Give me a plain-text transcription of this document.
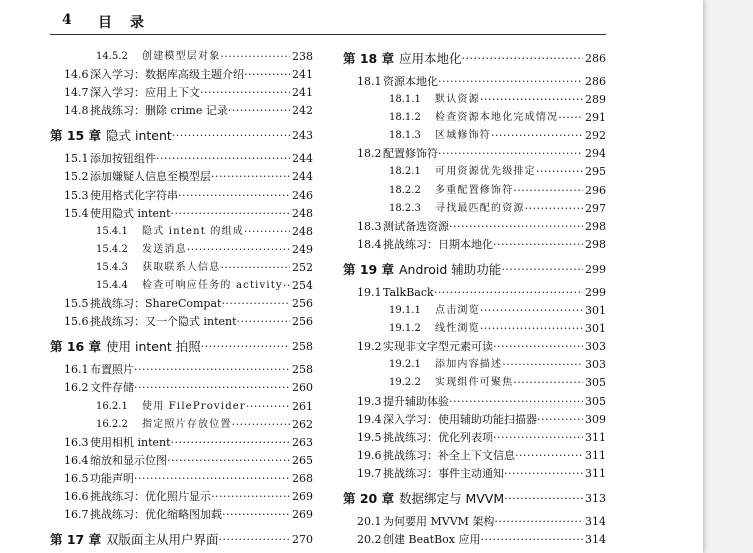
4 目录
14.5.2 创建模型层对象 ·····	238
14.6 深入学习：数据库高级主题介绍 ·····	241
14.7 深入学习：应用上下文 ·····	241
14.8 挑战练习：删除 crime 记录 ·····	242
第 15 章 隐式 intent ·····	243
15.1 添加按钮组件 ·····	244
15.2 添加嫌疑人信息至模型层 ·····	244
15.3 使用格式化字符串 ·····	246
15.4 使用隐式 intent ·····	248
15.4.1 隐式 intent 的组成 ·····	248
15.4.2 发送消息 ·····	249
15.4.3 获取联系人信息 ·····	252
15.4.4 检查可响应任务的 activity ····· 254
15.5 挑战练习：ShareCompat ·····	256
15.6 挑战练习：又一个隐式 intent ·····	256
第 16 章 使用 intent 拍照 ·····	258
16.1 布置照片 ·····	258
16.2 文件存储 ·····	260
16.2.1 使用 FileProvider ·····	261
16.2.2 指定照片存放位置 ·····	262
16.3 使用相机 intent ·····	263
16.4 缩放和显示位图 ·····	265
16.5 功能声明 ·····	268
16.6 挑战练习：优化照片显示 ·····	269
16.7 挑战练习：优化缩略图加载 ·····	269
第 17 章 双版面主从用户界面 ·····	270
第 18 章 应用本地化 ·····	286
18.1 资源本地化 ·····	286
18.1.1 默认资源 ·····	289
18.1.2 检查资源本地化完成情况 ····· 291
18.1.3 区域修饰符 ·····	292
18.2 配置修饰符 ·····	294
18.2.1 可用资源优先级排定 ·····	295
18.2.2 多重配置修饰符 ·····	296
18.2.3 寻找最匹配的资源 ·····	297
18.3 测试备选资源 ·····	298
18.4 挑战练习：日期本地化 ·····	298
第 19 章 Android 辅助功能 ·····	299
19.1 TalkBack ·····	299
19.1.1 点击浏览 ·····	301
19.1.2 线性浏览 ·····	301
19.2 实现非文字型元素可读 ·····	303
19.2.1 添加内容描述 ·····	303
19.2.2 实现组件可聚焦 ·····	305
19.3 提升辅助体验 ·····	305
19.4 深入学习：使用辅助功能扫描器 ·····	309
19.5 挑战练习：优化列表项 ·····	311
19.6 挑战练习：补全上下文信息 ·····	311
19.7 挑战练习：事件主动通知 ·····	311
第 20 章 数据绑定与 MVVM ·····	313
20.1 为何要用 MVVM 架构 ·····	314
20.2 创建 BeatBox 应用 ·····	314
